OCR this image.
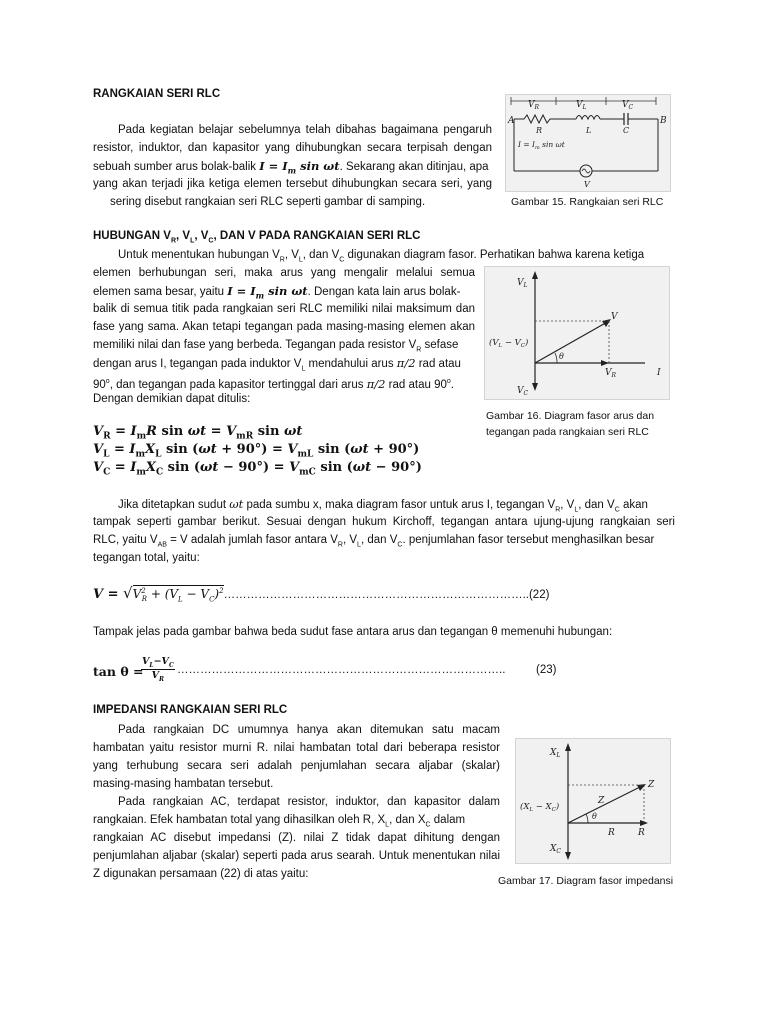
RANGKAIAN SERI RLC
Pada kegiatan belajar sebelumnya telah dibahas bagaimana pengaruh
resistor, induktor, dan kapasitor yang dihubungkan secara terpisah dengan
sebuah sumber arus bolak-balik $I = I_m$ sin ωt. Sekarang akan ditinjau, apa
yang akan terjadi jika ketiga elemen tersebut dihubungkan secara seri, yang
sering disebut rangkaian seri RLC seperti gambar di samping.
$V_R$	$V_L$	$V_C$
A	B
R	L	C
$I = I_m$ sin ωt
V
Gambar 15. Rangkaian seri RLC
HUBUNGAN $V_R$, $V_L$, $V_C$, DAN V PADA RANGKAIAN SERI RLC
Untuk menentukan hubungan $V_R$, $V_L$, dan $V_C$ digunakan diagram fasor. Perhatikan bahwa karena ketiga
elemen berhubungan seri, maka arus yang mengalir melalui semua
elemen sama besar, yaitu $I = I_m$ sin ωt. Dengan kata lain arus bolak-
balik di semua titik pada rangkaian seri RLC memiliki nilai maksimum dan
fase yang sama. Akan tetapi tegangan pada masing-masing elemen akan
memiliki nilai dan fase yang berbeda. Tegangan pada resistor $V_R$ sefase
dengan arus I, tegangan pada induktor $V_L$ mendahului arus π/2 rad atau
90$^o$, dan tegangan pada kapasitor tertinggal dari arus π/2 rad atau 90$^o$.
Dengan demikian dapat ditulis:
$V_L$
V
$(V_L - V_C)$
θ
$V_R$	I
$V_C$
Gambar 16. Diagram fasor arus dan
tegangan pada rangkaian seri RLC
$V_R = I_mR$ $\sin \omega t = V_{mR}$ sin ωt
$V_L = I_mX_L$ $\sin (\omega t + 90^\circ) = V_{mL}$ sin (ωt + 90°)
$V_C = I_mX_C$ $\sin (\omega t - 90^\circ) = V_{mC}$ sin (ωt − 90°)
Jika ditetapkan sudut ωt pada sumbu x, maka diagram fasor untuk arus I, tegangan $V_R$, $V_L$, dan $V_C$ akan
tampak seperti gambar berikut. Sesuai dengan hukum Kirchoff, tegangan antara ujung-ujung rangkaian seri
RLC, yaitu $V_{AB} = V$ adalah jumlah fasor antara $V_R$, $V_L$, dan $V_C$. penjumlahan fasor tersebut menghasilkan besar
tegangan total, yaitu:
$V = √V^2_R + (V_L$ − $V_C)^2\dots\dots\dots\dots\dots\dots\dots\dots\dots\dots\dots\dots\dots\dots\dots\dots\dots\dots\dots\dots\dots\dots\dots\dots\dots\dots..(22)$
Tampak jelas pada gambar bahwa beda sudut fase antara arus dan tegangan θ memenuhi hubungan:
tan θ =
$\frac{V_L-V_C}{V_R}$ …………………………………………………………………………..	(23)
IMPEDANSI RANGKAIAN SERI RLC
Pada rangkaian DC umumnya hanya akan ditemukan satu macam
hambatan yaitu resistor murni R. nilai hambatan total dari beberapa resistor
yang terhubung secara seri adalah penjumlahan secara aljabar (skalar)
masing-masing hambatan tersebut.
Pada rangkaian AC, terdapat resistor, induktor, dan kapasitor dalam
rangkaian. Efek hambatan total yang dihasilkan oleh R, $X_L$, dan $X_C$ dalam
rangkaian AC disebut impedansi (Z). nilai Z tidak dapat dihitung dengan
penjumlahan aljabar (skalar) seperti pada arus searah. Untuk menentukan nilai
Z digunakan persamaan (22) di atas yaitu:
$X_L$
Z
Z
$(X_L - X_C)$
θ
R	R
$X_C$
Gambar 17. Diagram fasor impedansi
